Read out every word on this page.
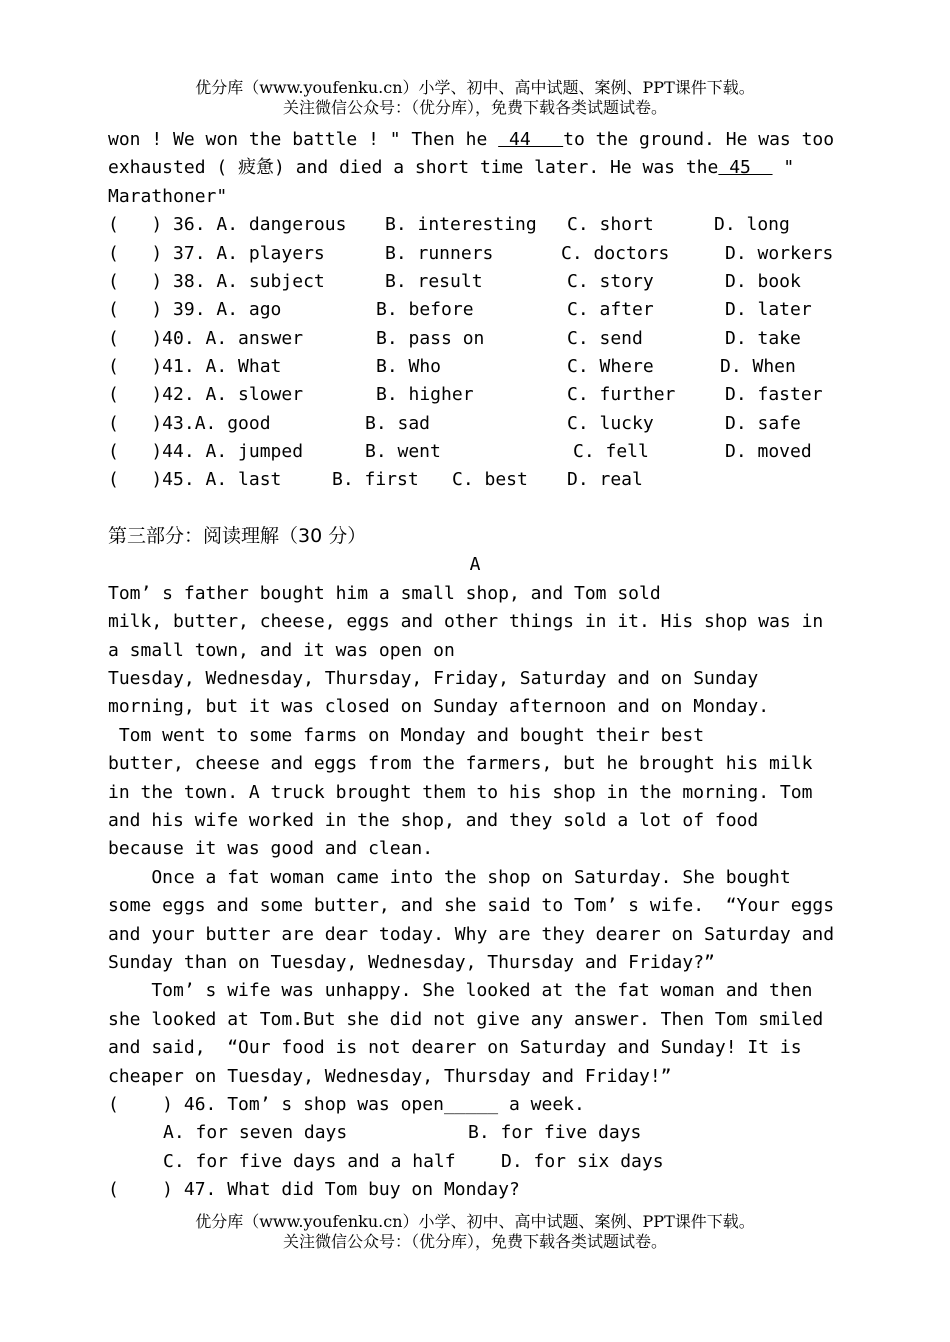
优分库（www.youfenku.cn）小学、初中、高中试题、案例、PPT课件下载。
关注微信公众号：（优分库），免费下载各类试题试卷。
won ! We won the battle ! " Then he  44   to the ground. He was too
exhausted ( 疲惫) and died a short time later. He was the 45   "
Marathoner"
(   ) 36. A. dangerous B. interesting C. short	D. long
(   ) 37. A. players	B. runners	C. doctors	D. workers
(   ) 38. A. subject	B. result	C. story	D. book
(   ) 39. A. ago	B. before	C. after	D. later
(   )40. A. answer	B. pass on	C. send	D. take
(   )41. A. What	B. Who	C. Where	D. When
(   )42. A. slower	B. higher	C. further	D. faster
(   )43.A. good	B. sad	C. lucky	D. safe
(   )44. A. jumped	B. went	C. fell	D. moved
(   )45. A. last	B. first C. best D. real
第三部分：阅读理解（30 分）
A
Tom’ s father bought him a small shop, and Tom sold
milk, butter, cheese, eggs and other things in it. His shop was in
a small town, and it was open on
Tuesday, Wednesday, Thursday, Friday, Saturday and on Sunday
morning, but it was closed on Sunday afternoon and on Monday.
Tom went to some farms on Monday and bought their best
butter, cheese and eggs from the farmers, but he brought his milk
in the town. A truck brought them to his shop in the morning. Tom
and his wife worked in the shop, and they sold a lot of food
because it was good and clean.
Once a fat woman came into the shop on Saturday. She bought
some eggs and some butter, and she said to Tom’ s wife.  “Your eggs
and your butter are dear today. Why are they dearer on Saturday and
Sunday than on Tuesday, Wednesday, Thursday and Friday?”
Tom’ s wife was unhappy. She looked at the fat woman and then
she looked at Tom.But she did not give any answer. Then Tom smiled
and said,  “Our food is not dearer on Saturday and Sunday! It is
cheaper on Tuesday, Wednesday, Thursday and Friday!”
(    ) 46. Tom’ s shop was open_____ a week.
A. for seven days	B. for five days
C. for five days and a half	D. for six days
(    ) 47. What did Tom buy on Monday?
优分库（www.youfenku.cn）小学、初中、高中试题、案例、PPT课件下载。
关注微信公众号：（优分库），免费下载各类试题试卷。
